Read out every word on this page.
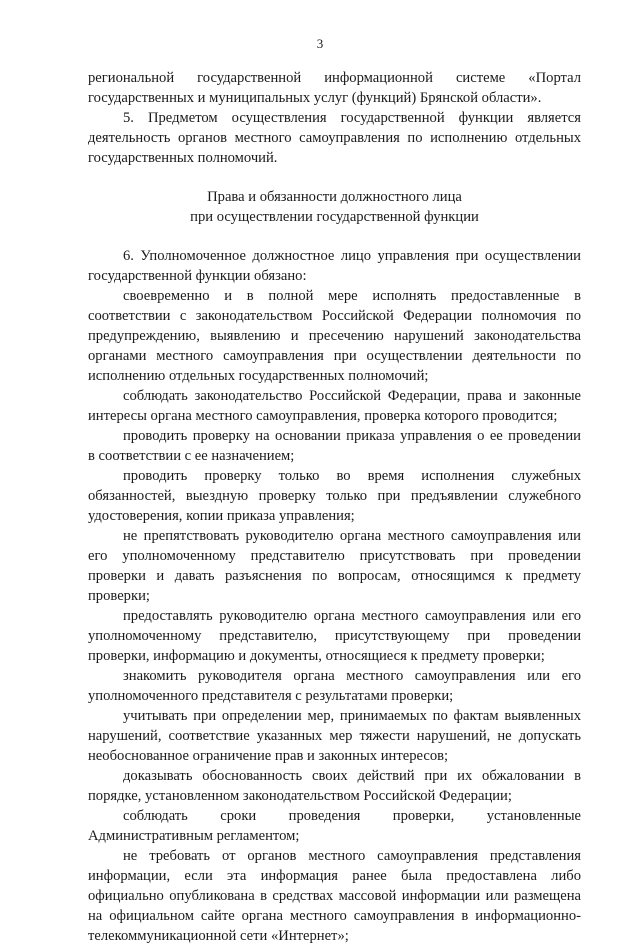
3
региональной государственной информационной системе «Портал
государственных и муниципальных услуг (функций) Брянской области».
5. Предметом осуществления государственной функции является
деятельность органов местного самоуправления по исполнению отдельных
государственных полномочий.
Права и обязанности должностного лица
при осуществлении государственной функции
6. Уполномоченное должностное лицо управления при осуществлении
государственной функции обязано:
своевременно и в полной мере исполнять предоставленные в
соответствии с законодательством Российской Федерации полномочия по
предупреждению, выявлению и пресечению нарушений законодательства
органами местного самоуправления при осуществлении деятельности по
исполнению отдельных государственных полномочий;
соблюдать законодательство Российской Федерации, права и законные
интересы органа местного самоуправления, проверка которого проводится;
проводить проверку на основании приказа управления о ее проведении
в соответствии с ее назначением;
проводить проверку только во время исполнения служебных
обязанностей, выездную проверку только при предъявлении служебного
удостоверения, копии приказа управления;
не препятствовать руководителю органа местного самоуправления или
его уполномоченному представителю присутствовать при проведении
проверки и давать разъяснения по вопросам, относящимся к предмету
проверки;
предоставлять руководителю органа местного самоуправления или его
уполномоченному представителю, присутствующему при проведении
проверки, информацию и документы, относящиеся к предмету проверки;
знакомить руководителя органа местного самоуправления или его
уполномоченного представителя с результатами проверки;
учитывать при определении мер, принимаемых по фактам выявленных
нарушений, соответствие указанных мер тяжести нарушений, не допускать
необоснованное ограничение прав и законных интересов;
доказывать обоснованность своих действий при их обжаловании в
порядке, установленном законодательством Российской Федерации;
соблюдать сроки проведения проверки, установленные
Административным регламентом;
не требовать от органов местного самоуправления представления
информации, если эта информация ранее была предоставлена либо
официально опубликована в средствах массовой информации или размещена
на официальном сайте органа местного самоуправления в информационно-
телекоммуникационной сети «Интернет»;
